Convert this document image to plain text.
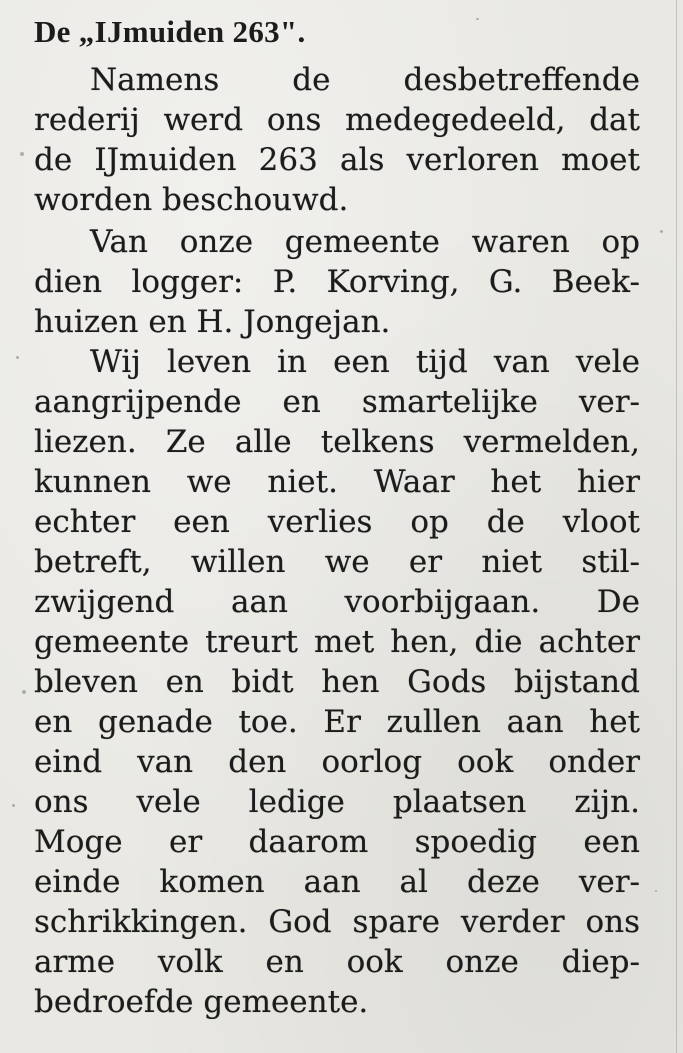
De „IJmuiden 263".
Namens de desbetreffende
rederij werd ons medegedeeld, dat
de IJmuiden 263 als verloren moet
worden beschouwd.
Van onze gemeente waren op
dien logger: P. Korving, G. Beek-
huizen en H. Jongejan.
Wij leven in een tijd van vele
aangrijpende en smartelijke ver-
liezen. Ze alle telkens vermelden,
kunnen we niet. Waar het hier
echter een verlies op de vloot
betreft, willen we er niet stil-
zwijgend aan voorbijgaan. De
gemeente treurt met hen, die achter
bleven en bidt hen Gods bijstand
en genade toe. Er zullen aan het
eind van den oorlog ook onder
ons vele ledige plaatsen zijn.
Moge er daarom spoedig een
einde komen aan al deze ver-
schrikkingen. God spare verder ons
arme volk en ook onze diep-
bedroefde gemeente.
